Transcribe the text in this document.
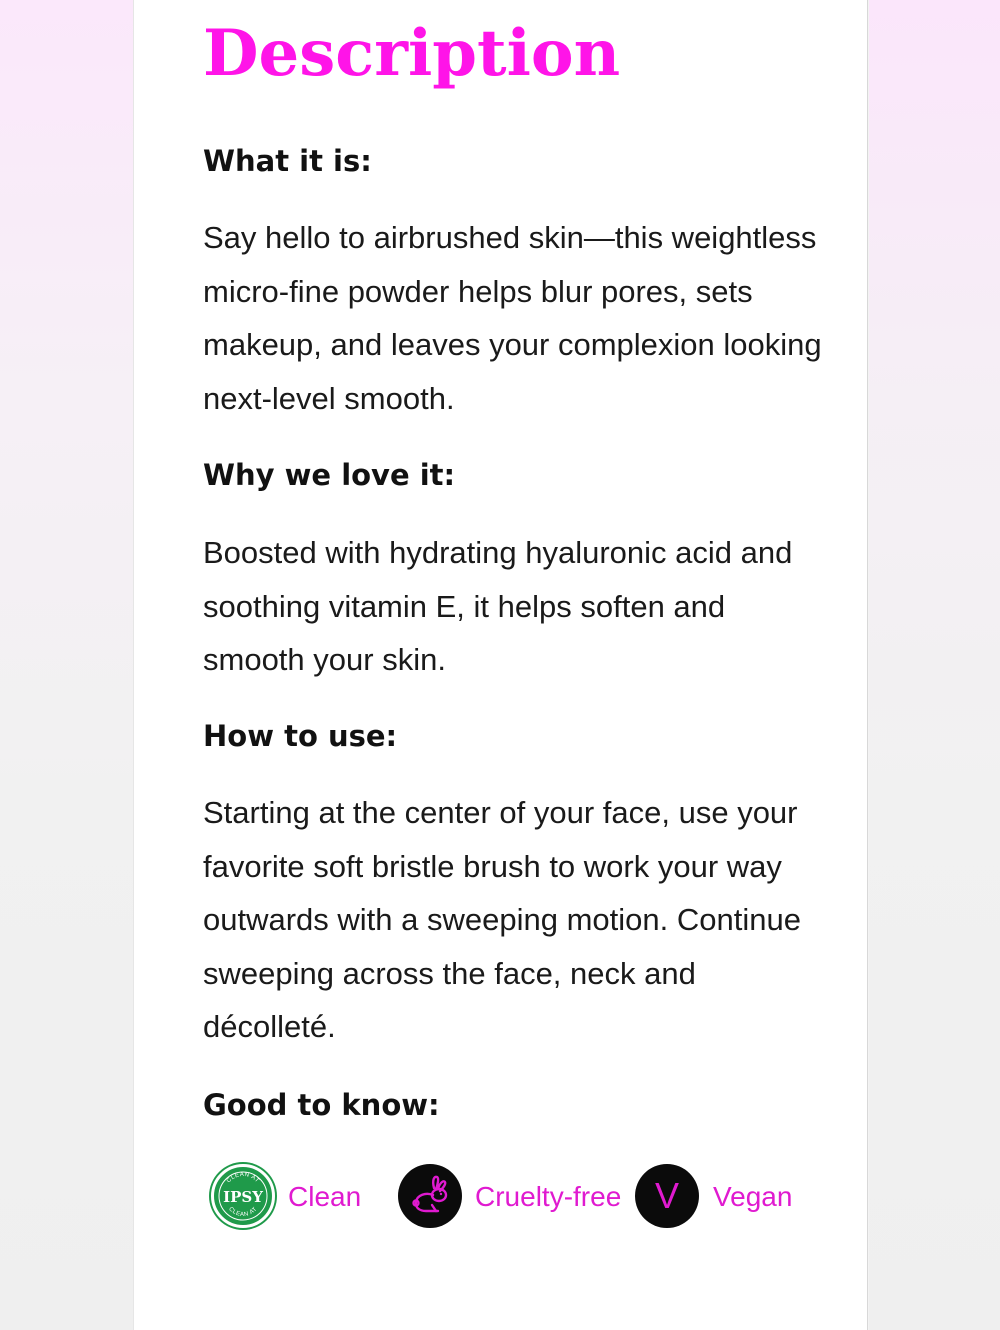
Description
What it is:

Say hello to airbrushed skin—this weightless micro-fine powder helps blur pores, sets makeup, and leaves your complexion looking next-level smooth.

Why we love it:

Boosted with hydrating hyaluronic acid and soothing vitamin E, it helps soften and smooth your skin.

How to use:

Starting at the center of your face, use your favorite soft bristle brush to work your way outwards with a sweeping motion. Continue sweeping across the face, neck and décolleté.

Good to know:
CLEAN AT
CLEAN AT
IPSY Clean	Cruelty-free V Vegan
